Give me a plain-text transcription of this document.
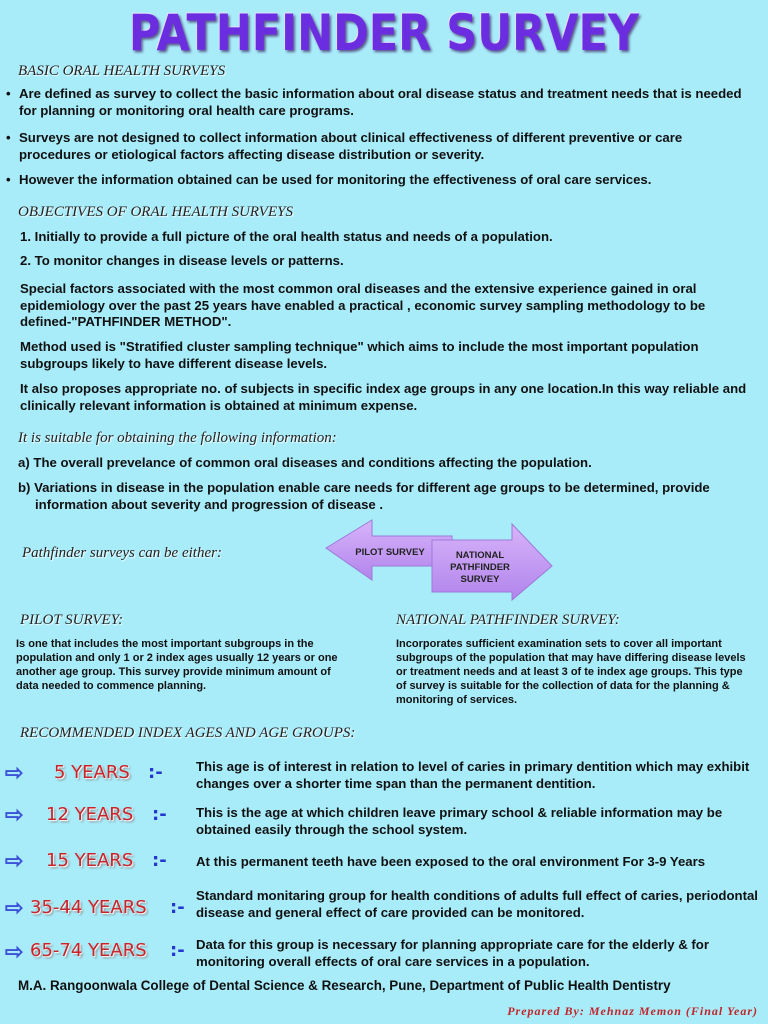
PATHFINDER SURVEY
BASIC ORAL HEALTH SURVEYS
• Are defined as survey to collect the basic information about oral disease status and treatment needs that is needed for planning or monitoring oral health care programs.
• Surveys are not designed to collect information about clinical effectiveness of different preventive or care procedures or etiological factors affecting disease distribution or severity.
• However the information obtained can be used for monitoring the effectiveness of oral care services.
OBJECTIVES OF ORAL HEALTH SURVEYS
1. Initially to provide a full picture of the oral health status and needs of a population.
2. To monitor changes in disease levels or patterns.
Special factors associated with the most common oral diseases and the extensive experience gained in oral epidemiology over the past 25 years have enabled a practical , economic survey sampling methodology to be defined-"PATHFINDER METHOD".
Method used is "Stratified cluster sampling technique" which aims to include the most important population subgroups likely to have different disease levels.
It also proposes appropriate no. of subjects in specific index age groups in any one location.In this way reliable and clinically relevant information is obtained at minimum expense.
It is suitable for obtaining the following information:
a) The overall prevelance of common oral diseases and conditions affecting the population.
b) Variations in disease in the population enable care needs for different age groups to be determined, provide information about severity and progression of disease .
Pathfinder surveys can be either:	PILOT SURVEY	NATIONAL
PATHFINDER
SURVEY
PILOT SURVEY:
Is one that includes the most important subgroups in the population and only 1 or 2 index ages usually 12 years or one another age group. This survey provide minimum amount of data needed to commence planning.
NATIONAL PATHFINDER SURVEY:
Incorporates sufficient examination sets to cover all important subgroups of the population that may have differing disease levels or treatment needs and at least 3 of te index age groups. This type of survey is suitable for the collection of data for the planning & monitoring of services.
RECOMMENDED INDEX AGES AND AGE GROUPS:
⇨ 5 YEARS :-	This age is of interest in relation to level of caries in primary dentition which may exhibit changes over a shorter time span than the permanent dentition.
⇨ 12 YEARS :- This is the age at which children leave primary school & reliable information may be obtained easily through the school system.
⇨ 15 YEARS :- At this permanent teeth have been exposed to the oral environment For 3-9 Years
⇨ 35-44 YEARS :-
Standard monitaring group for health conditions of adults full effect of caries, periodontal disease and general effect of care provided can be monitored.
⇨ 65-74 YEARS :- Data for this group is necessary for planning appropriate care for the elderly & for monitoring overall effects of oral care services in a population.
M.A. Rangoonwala College of Dental Science & Research, Pune, Department of Public Health Dentistry
Prepared By: Mehnaz Memon (Final Year)
